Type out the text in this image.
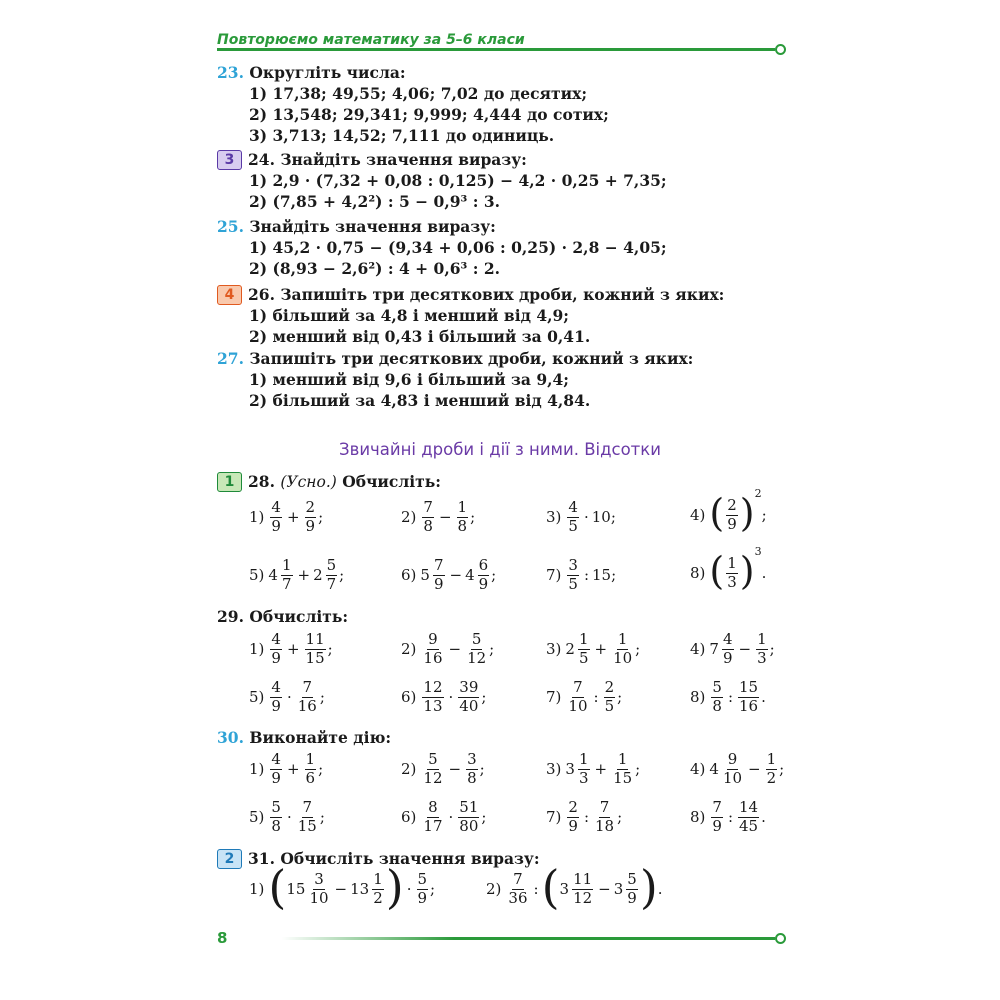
Повторюємо математику за 5–6 класи
23. Округліть числа:
1) 17,38; 49,55; 4,06; 7,02 до десятих;
2) 13,548; 29,341; 9,999; 4,444 до сотих;
3) 3,713; 14,52; 7,111 до одиниць.
3 24. Знайдіть значення виразу:
1) 2,9 · (7,32 + 0,08 : 0,125) − 4,2 · 0,25 + 7,35;
2) (7,85 + 4,2²) : 5 − 0,9³ : 3.
25. Знайдіть значення виразу:
1) 45,2 · 0,75 − (9,34 + 0,06 : 0,25) · 2,8 − 4,05;
2) (8,93 − 2,6²) : 4 + 0,6³ : 2.
4 26. Запишіть три десяткових дроби, кожний з яких:
1) більший за 4,8 і менший від 4,9;
2) менший від 0,43 і більший за 0,41.
27. Запишіть три десяткових дроби, кожний з яких:
1) менший від 9,6 і більший за 9,4;
2) більший за 4,83 і менший від 4,84.
Звичайні дроби і дії з ними. Відсотки
1 28. (Усно.) Обчисліть:
$1) \frac{4}{9} + \frac{2}{9}$ ;	$2) \frac{7}{8} - \frac{1}{8}$ ;	$3) \frac{4}{5} \cdot 10$;	4) ( $\frac{2}{9}$ ) 2
;
5) $4 \frac{1}{7} + 2 \frac{5}{7}$ ;	6) $5 \frac{7}{9} - 4 \frac{6}{9}$ ;	$7) \frac{3}{5}$ : 15;	8) ( $\frac{1}{3}$ ) 3
.
29. Обчисліть:
$1) \frac{4}{9} + \frac{11}{15}$ ;	$2) \frac{9}{16} - \frac{5}{12}$ ;	3) $2 \frac{1}{5} + \frac{1}{10}$ ;	4) $7 \frac{4}{9} - \frac{1}{3}$ ;
$5) \frac{4}{9} \cdot \frac{7}{16}$ ;	$6) \frac{12}{13} \cdot \frac{39}{40}$ ;	$7) \frac{7}{10}$ : $\frac{2}{5}$ ;	$8) \frac{5}{8}$ : $\frac{15}{16}$ .
30. Виконайте дію:
$1) \frac{4}{9} + \frac{1}{6}$ ;	$2) \frac{5}{12} - \frac{3}{8}$ ;	3) $3 \frac{1}{3} + \frac{1}{15}$ ;	4) $4 \frac{9}{10} - \frac{1}{2}$ ;
$5) \frac{5}{8} \cdot \frac{7}{15}$ ;	$6) \frac{8}{17} \cdot \frac{51}{80}$ ;	$7) \frac{2}{9}$ : $\frac{7}{18}$ ;	$8) \frac{7}{9}$ : $\frac{14}{45}$ .
2 31. Обчисліть значення виразу:
1) ( $15 \frac{3}{10} - 13 \frac{1}{2}$ ) · $\frac{5}{9}$ ;	$2) \frac{7}{36}$ : ( $3 \frac{11}{12} - 3 \frac{5}{9}$ ) .
8
